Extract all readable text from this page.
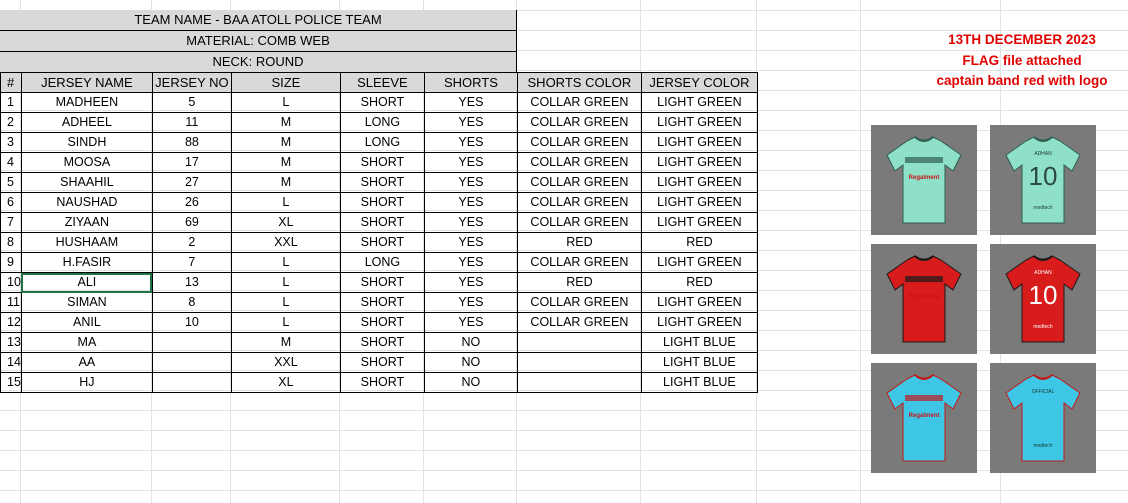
TEAM NAME - BAA ATOLL POLICE TEAM
MATERIAL: COMB WEB
NECK: ROUND
#	JERSEY NAME	JERSEY NO	SIZE	SLEEVE	SHORTS	SHORTS COLOR	JERSEY COLOR
1	MADHEEN	5	L	SHORT	YES	COLLAR GREEN	LIGHT GREEN
2	ADHEEL	11	M	LONG	YES	COLLAR GREEN	LIGHT GREEN
3	SINDH	88	M	LONG	YES	COLLAR GREEN	LIGHT GREEN
4	MOOSA	17	M	SHORT	YES	COLLAR GREEN	LIGHT GREEN
5	SHAAHIL	27	M	SHORT	YES	COLLAR GREEN	LIGHT GREEN
6	NAUSHAD	26	L	SHORT	YES	COLLAR GREEN	LIGHT GREEN
7	ZIYAAN	69	XL	SHORT	YES	COLLAR GREEN	LIGHT GREEN
8	HUSHAAM	2	XXL	SHORT	YES	RED	RED
9	H.FASIR	7	L	LONG	YES	COLLAR GREEN	LIGHT GREEN
10	ALI	13	L	SHORT	YES	RED	RED
11	SIMAN	8	L	SHORT	YES	COLLAR GREEN	LIGHT GREEN
12	ANIL	10	L	SHORT	YES	COLLAR GREEN	LIGHT GREEN
13	MA		M	SHORT	NO		LIGHT BLUE
14	AA		XXL	SHORT	NO		LIGHT BLUE
15	HJ		XL	SHORT	NO		LIGHT BLUE
13TH DECEMBER 2023
FLAG file attached
captain band red with logo
Regalment
ADHAN
10
medtech
Regalment
ADHAN
10
medtech
Regalment
OFFICIAL
medtech
